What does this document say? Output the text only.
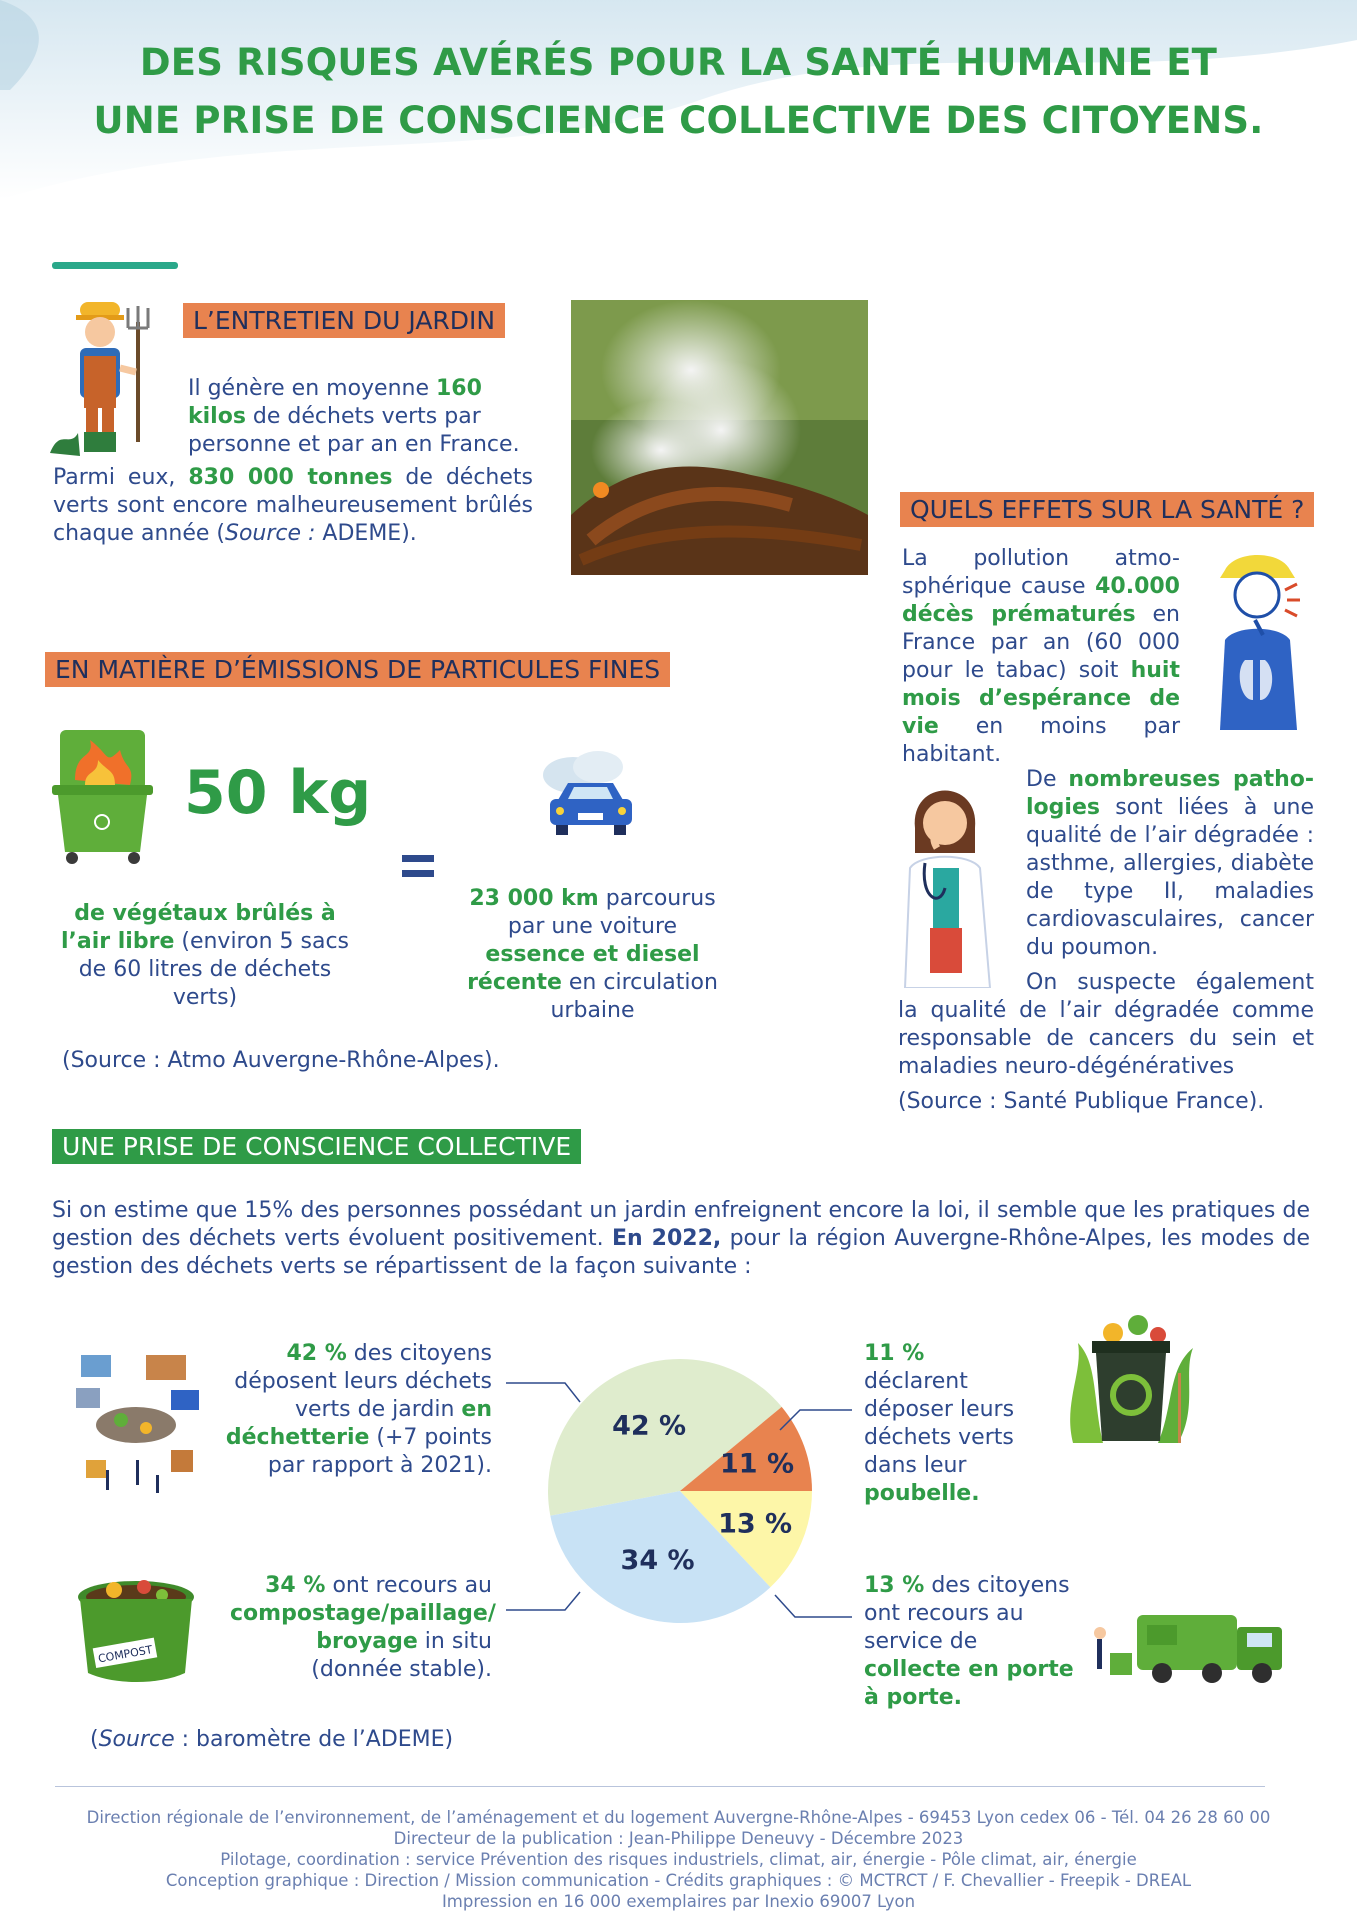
DES RISQUES AVÉRÉS POUR LA SANTÉ HUMAINE ET
UNE PRISE DE CONSCIENCE COLLECTIVE DES CITOYENS.
L’ENTRETIEN DU JARDIN
Il génère en moyenne 160 kilos de déchets verts par personne et par an en France.
Parmi eux, 830 000 tonnes de déchets verts sont encore malheureusement brûlés chaque année (Source : ADEME).
QUELS EFFETS SUR LA SANTÉ ?
La pollution atmo-sphérique cause 40.000 décès prématurés en France par an (60 000 pour le tabac) soit huit mois d’espérance de vie en moins par habitant.
De nombreuses patho-logies sont liées à une qualité de l’air dégradée : asthme, allergies, diabète de type II, maladies cardiovasculaires, cancer du poumon.
On suspecte également la qualité de l’air dégradée comme responsable de cancers du sein et maladies neuro-dégénératives
(Source : Santé Publique France).
EN MATIÈRE D’ÉMISSIONS DE PARTICULES FINES
50 kg
de végétaux brûlés à l’air libre (environ 5 sacs de 60 litres de déchets verts)
23 000 km parcourus par une voiture essence et diesel récente en circulation urbaine
(Source : Atmo Auvergne-Rhône-Alpes).
UNE PRISE DE CONSCIENCE COLLECTIVE
Si on estime que 15% des personnes possédant un jardin enfreignent encore la loi, il semble que les pratiques de gestion des déchets verts évoluent positivement. En 2022, pour la région Auvergne-Rhône-Alpes, les modes de gestion des déchets verts se répartissent de la façon suivante :
42 % des citoyens déposent leurs déchets verts de jardin en déchetterie (+7 points par rapport à 2021).
COMPOST
34 % ont recours au compostage/paillage/ broyage in situ (donnée stable).
(Source : baromètre de l’ADEME)
42 %
11 %
13 %
34 %
11 % déclarent déposer leurs déchets verts dans leur poubelle.
13 % des citoyens ont recours au service de collecte en porte à porte.
Direction régionale de l’environnement, de l’aménagement et du logement Auvergne-Rhône-Alpes - 69453 Lyon cedex 06 - Tél. 04 26 28 60 00
Directeur de la publication : Jean-Philippe Deneuvy - Décembre 2023
Pilotage, coordination : service Prévention des risques industriels, climat, air, énergie - Pôle climat, air, énergie
Conception graphique : Direction / Mission communication - Crédits graphiques : © MCTRCT / F. Chevallier - Freepik - DREAL
Impression en 16 000 exemplaires par Inexio 69007 Lyon
